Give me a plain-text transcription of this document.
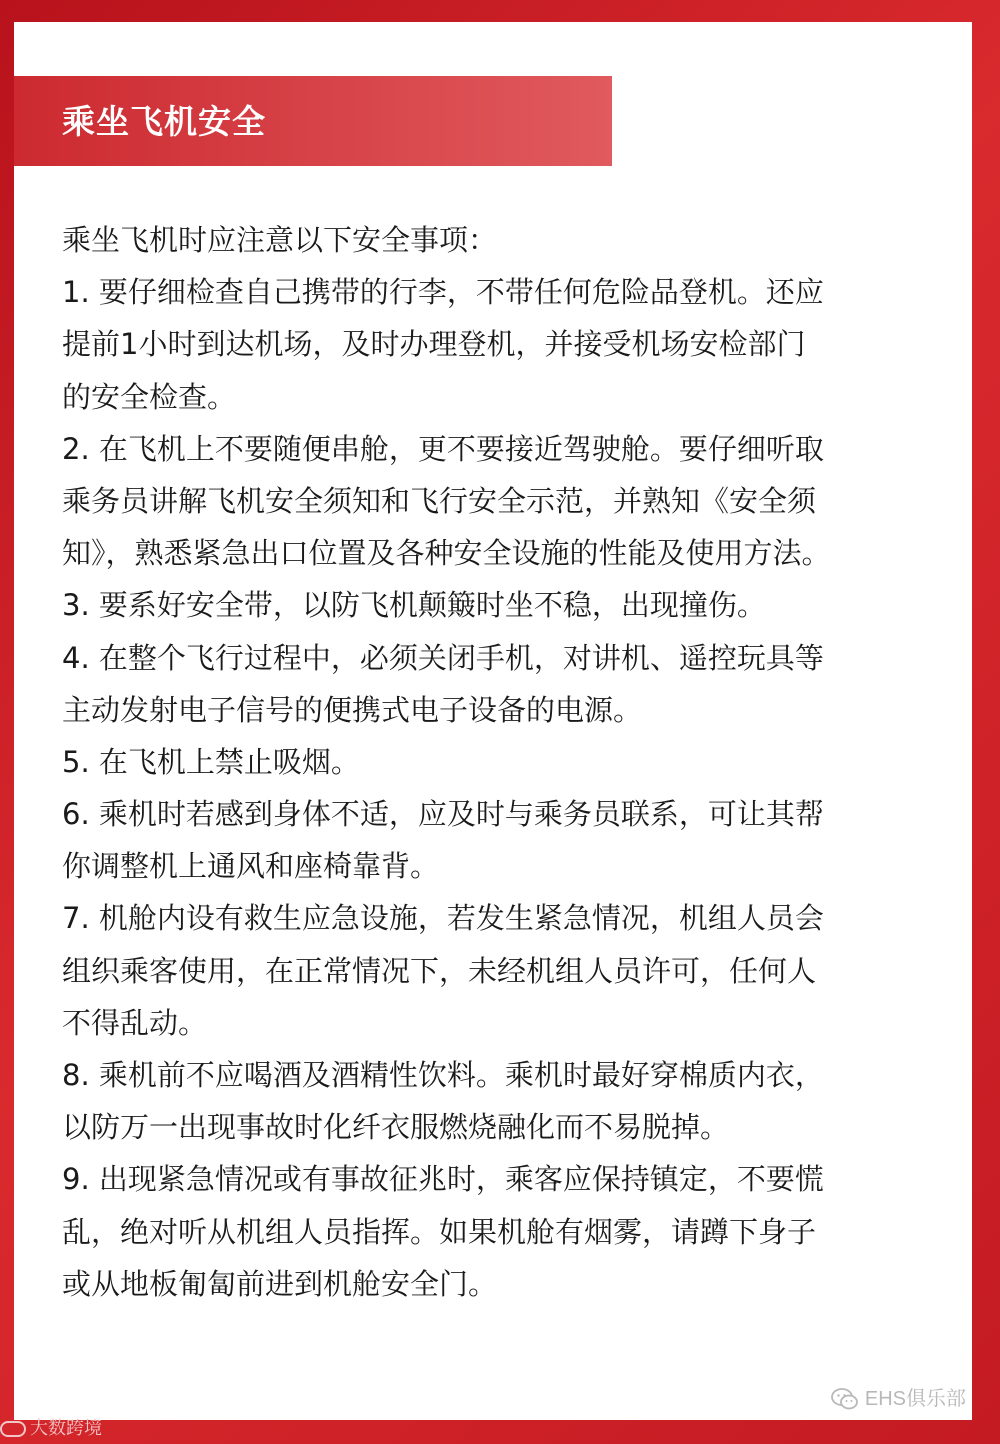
乘坐飞机安全
乘坐飞机时应注意以下安全事项：
1. 要仔细检查自己携带的行李，不带任何危险品登机。还应
提前1小时到达机场，及时办理登机，并接受机场安检部门
的安全检查。
2. 在飞机上不要随便串舱，更不要接近驾驶舱。要仔细听取
乘务员讲解飞机安全须知和飞行安全示范，并熟知《安全须
知》，熟悉紧急出口位置及各种安全设施的性能及使用方法。
3. 要系好安全带，以防飞机颠簸时坐不稳，出现撞伤。
4. 在整个飞行过程中，必须关闭手机，对讲机、遥控玩具等
主动发射电子信号的便携式电子设备的电源。
5. 在飞机上禁止吸烟。
6. 乘机时若感到身体不适，应及时与乘务员联系，可让其帮
你调整机上通风和座椅靠背。
7. 机舱内设有救生应急设施，若发生紧急情况，机组人员会
组织乘客使用，在正常情况下，未经机组人员许可，任何人
不得乱动。
8. 乘机前不应喝酒及酒精性饮料。乘机时最好穿棉质内衣，
以防万一出现事故时化纤衣服燃烧融化而不易脱掉。
9. 出现紧急情况或有事故征兆时，乘客应保持镇定，不要慌
乱，绝对听从机组人员指挥。如果机舱有烟雾，请蹲下身子
或从地板匍匐前进到机舱安全门。
EHS俱乐部
大数跨境
